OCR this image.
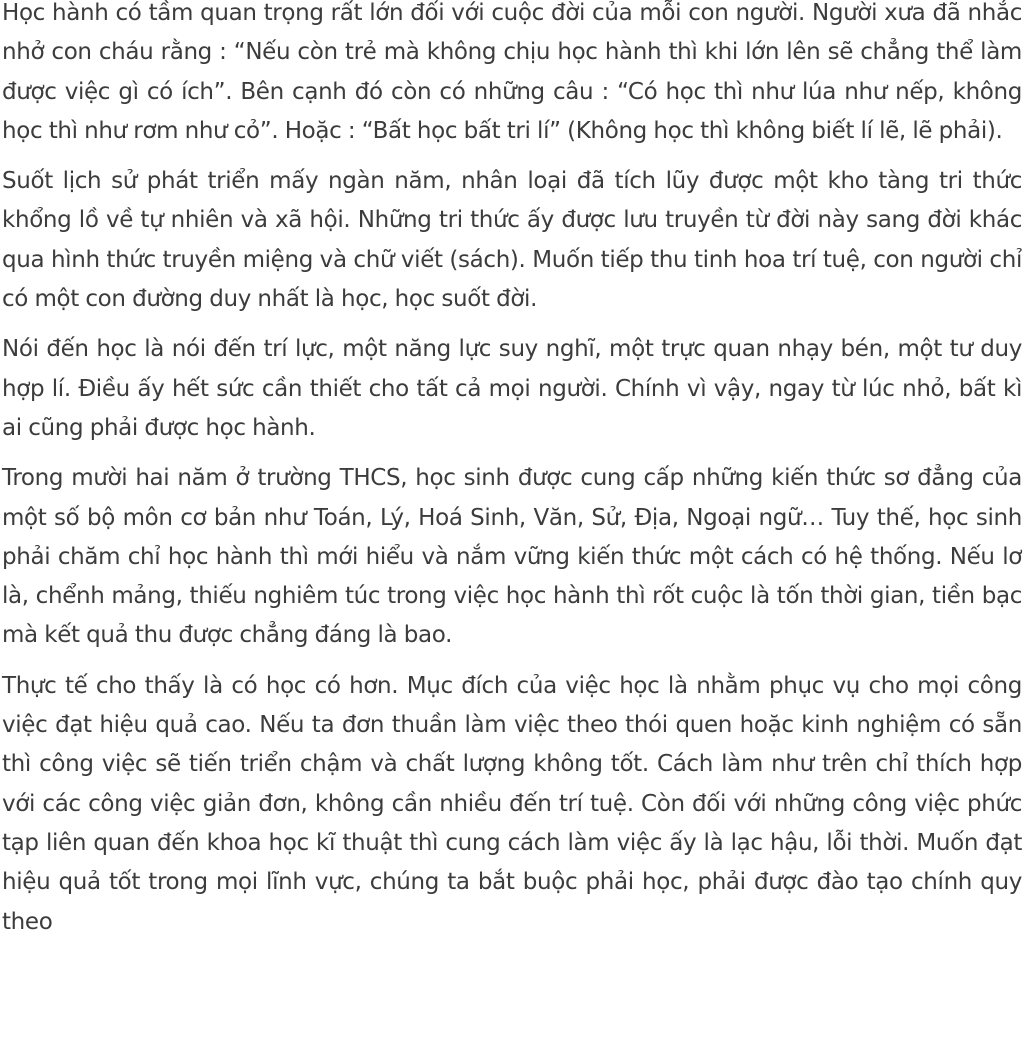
Học hành có tầm quan trọng rất lớn đối với cuộc đời của mỗi con người. Người xưa đã nhắc nhở con cháu rằng : “Nếu còn trẻ mà không chịu học hành thì khi lớn lên sẽ chẳng thể làm được việc gì có ích”. Bên cạnh đó còn có những câu : “Có học thì như lúa như nếp, không học thì như rơm như cỏ”. Hoặc : “Bất học bất tri lí” (Không học thì không biết lí lẽ, lẽ phải).

Suốt lịch sử phát triển mấy ngàn năm, nhân loại đã tích lũy được một kho tàng tri thức khổng lồ về tự nhiên và xã hội. Những tri thức ấy được lưu truyền từ đời này sang đời khác qua hình thức truyền miệng và chữ viết (sách). Muốn tiếp thu tinh hoa trí tuệ, con người chỉ có một con đường duy nhất là học, học suốt đời.

Nói đến học là nói đến trí lực, một năng lực suy nghĩ, một trực quan nhạy bén, một tư duy hợp lí. Điều ấy hết sức cần thiết cho tất cả mọi người. Chính vì vậy, ngay từ lúc nhỏ, bất kì ai cũng phải được học hành.

Trong mười hai năm ở trường THCS, học sinh được cung cấp những kiến thức sơ đẳng của một số bộ môn cơ bản như Toán, Lý, Hoá Sinh, Văn, Sử, Địa, Ngoại ngữ… Tuy thế, học sinh phải chăm chỉ học hành thì mới hiểu và nắm vững kiến thức một cách có hệ thống. Nếu lơ là, chểnh mảng, thiếu nghiêm túc trong việc học hành thì rốt cuộc là tốn thời gian, tiền bạc mà kết quả thu được chẳng đáng là bao.

Thực tế cho thấy là có học có hơn. Mục đích của việc học là nhằm phục vụ cho mọi công việc đạt hiệu quả cao. Nếu ta đơn thuần làm việc theo thói quen hoặc kinh nghiệm có sẵn thì công việc sẽ tiến triển chậm và chất lượng không tốt. Cách làm như trên chỉ thích hợp với các công việc giản đơn, không cần nhiều đến trí tuệ. Còn đối với những công việc phức tạp liên quan đến khoa học kĩ thuật thì cung cách làm việc ấy là lạc hậu, lỗi thời. Muốn đạt hiệu quả tốt trong mọi lĩnh vực, chúng ta bắt buộc phải học, phải được đào tạo chính quy theo
